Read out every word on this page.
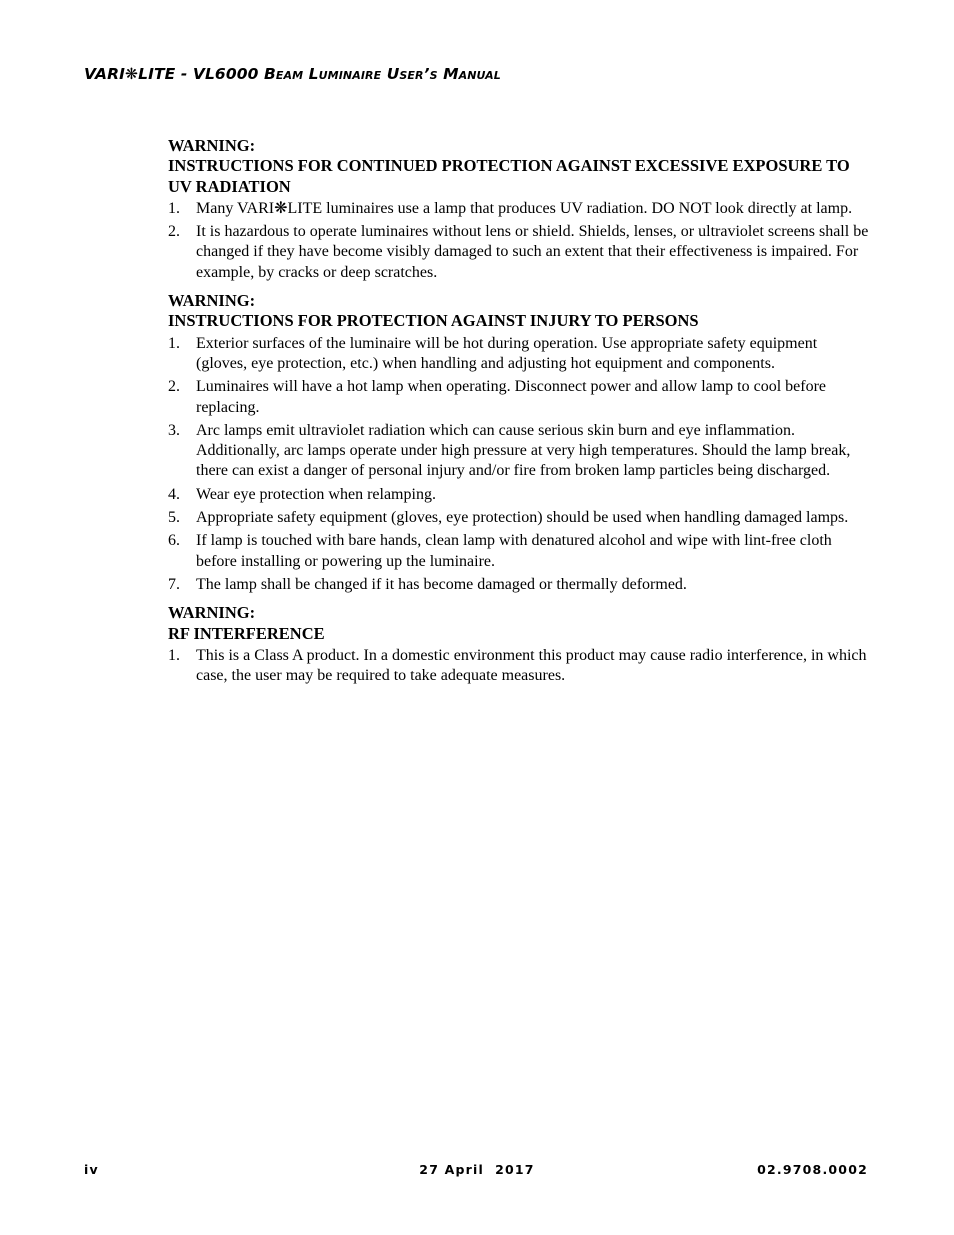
VARI❋LITE - VL6000 Beam Luminaire User’s Manual
WARNING:
INSTRUCTIONS FOR CONTINUED PROTECTION AGAINST EXCESSIVE EXPOSURE TO UV RADIATION
1.	Many VARI❋LITE luminaires use a lamp that produces UV radiation. DO NOT look directly at lamp.
2.	It is hazardous to operate luminaires without lens or shield. Shields, lenses, or ultraviolet screens shall be changed if they have become visibly damaged to such an extent that their effectiveness is impaired. For example, by cracks or deep scratches.
WARNING:
INSTRUCTIONS FOR PROTECTION AGAINST INJURY TO PERSONS
1.	Exterior surfaces of the luminaire will be hot during operation. Use appropriate safety equipment (gloves, eye protection, etc.) when handling and adjusting hot equipment and components.
2.	Luminaires will have a hot lamp when operating. Disconnect power and allow lamp to cool before replacing.
3.	Arc lamps emit ultraviolet radiation which can cause serious skin burn and eye inflammation. Additionally, arc lamps operate under high pressure at very high temperatures. Should the lamp break, there can exist a danger of personal injury and/or fire from broken lamp particles being discharged.
4.	Wear eye protection when relamping.
5.	Appropriate safety equipment (gloves, eye protection) should be used when handling damaged lamps.
6.	If lamp is touched with bare hands, clean lamp with denatured alcohol and wipe with lint-free cloth before installing or powering up the luminaire.
7.	The lamp shall be changed if it has become damaged or thermally deformed.
WARNING:
RF INTERFERENCE
1.	This is a Class A product. In a domestic environment this product may cause radio interference, in which case, the user may be required to take adequate measures.
iv	27 April  2017	02.9708.0002
